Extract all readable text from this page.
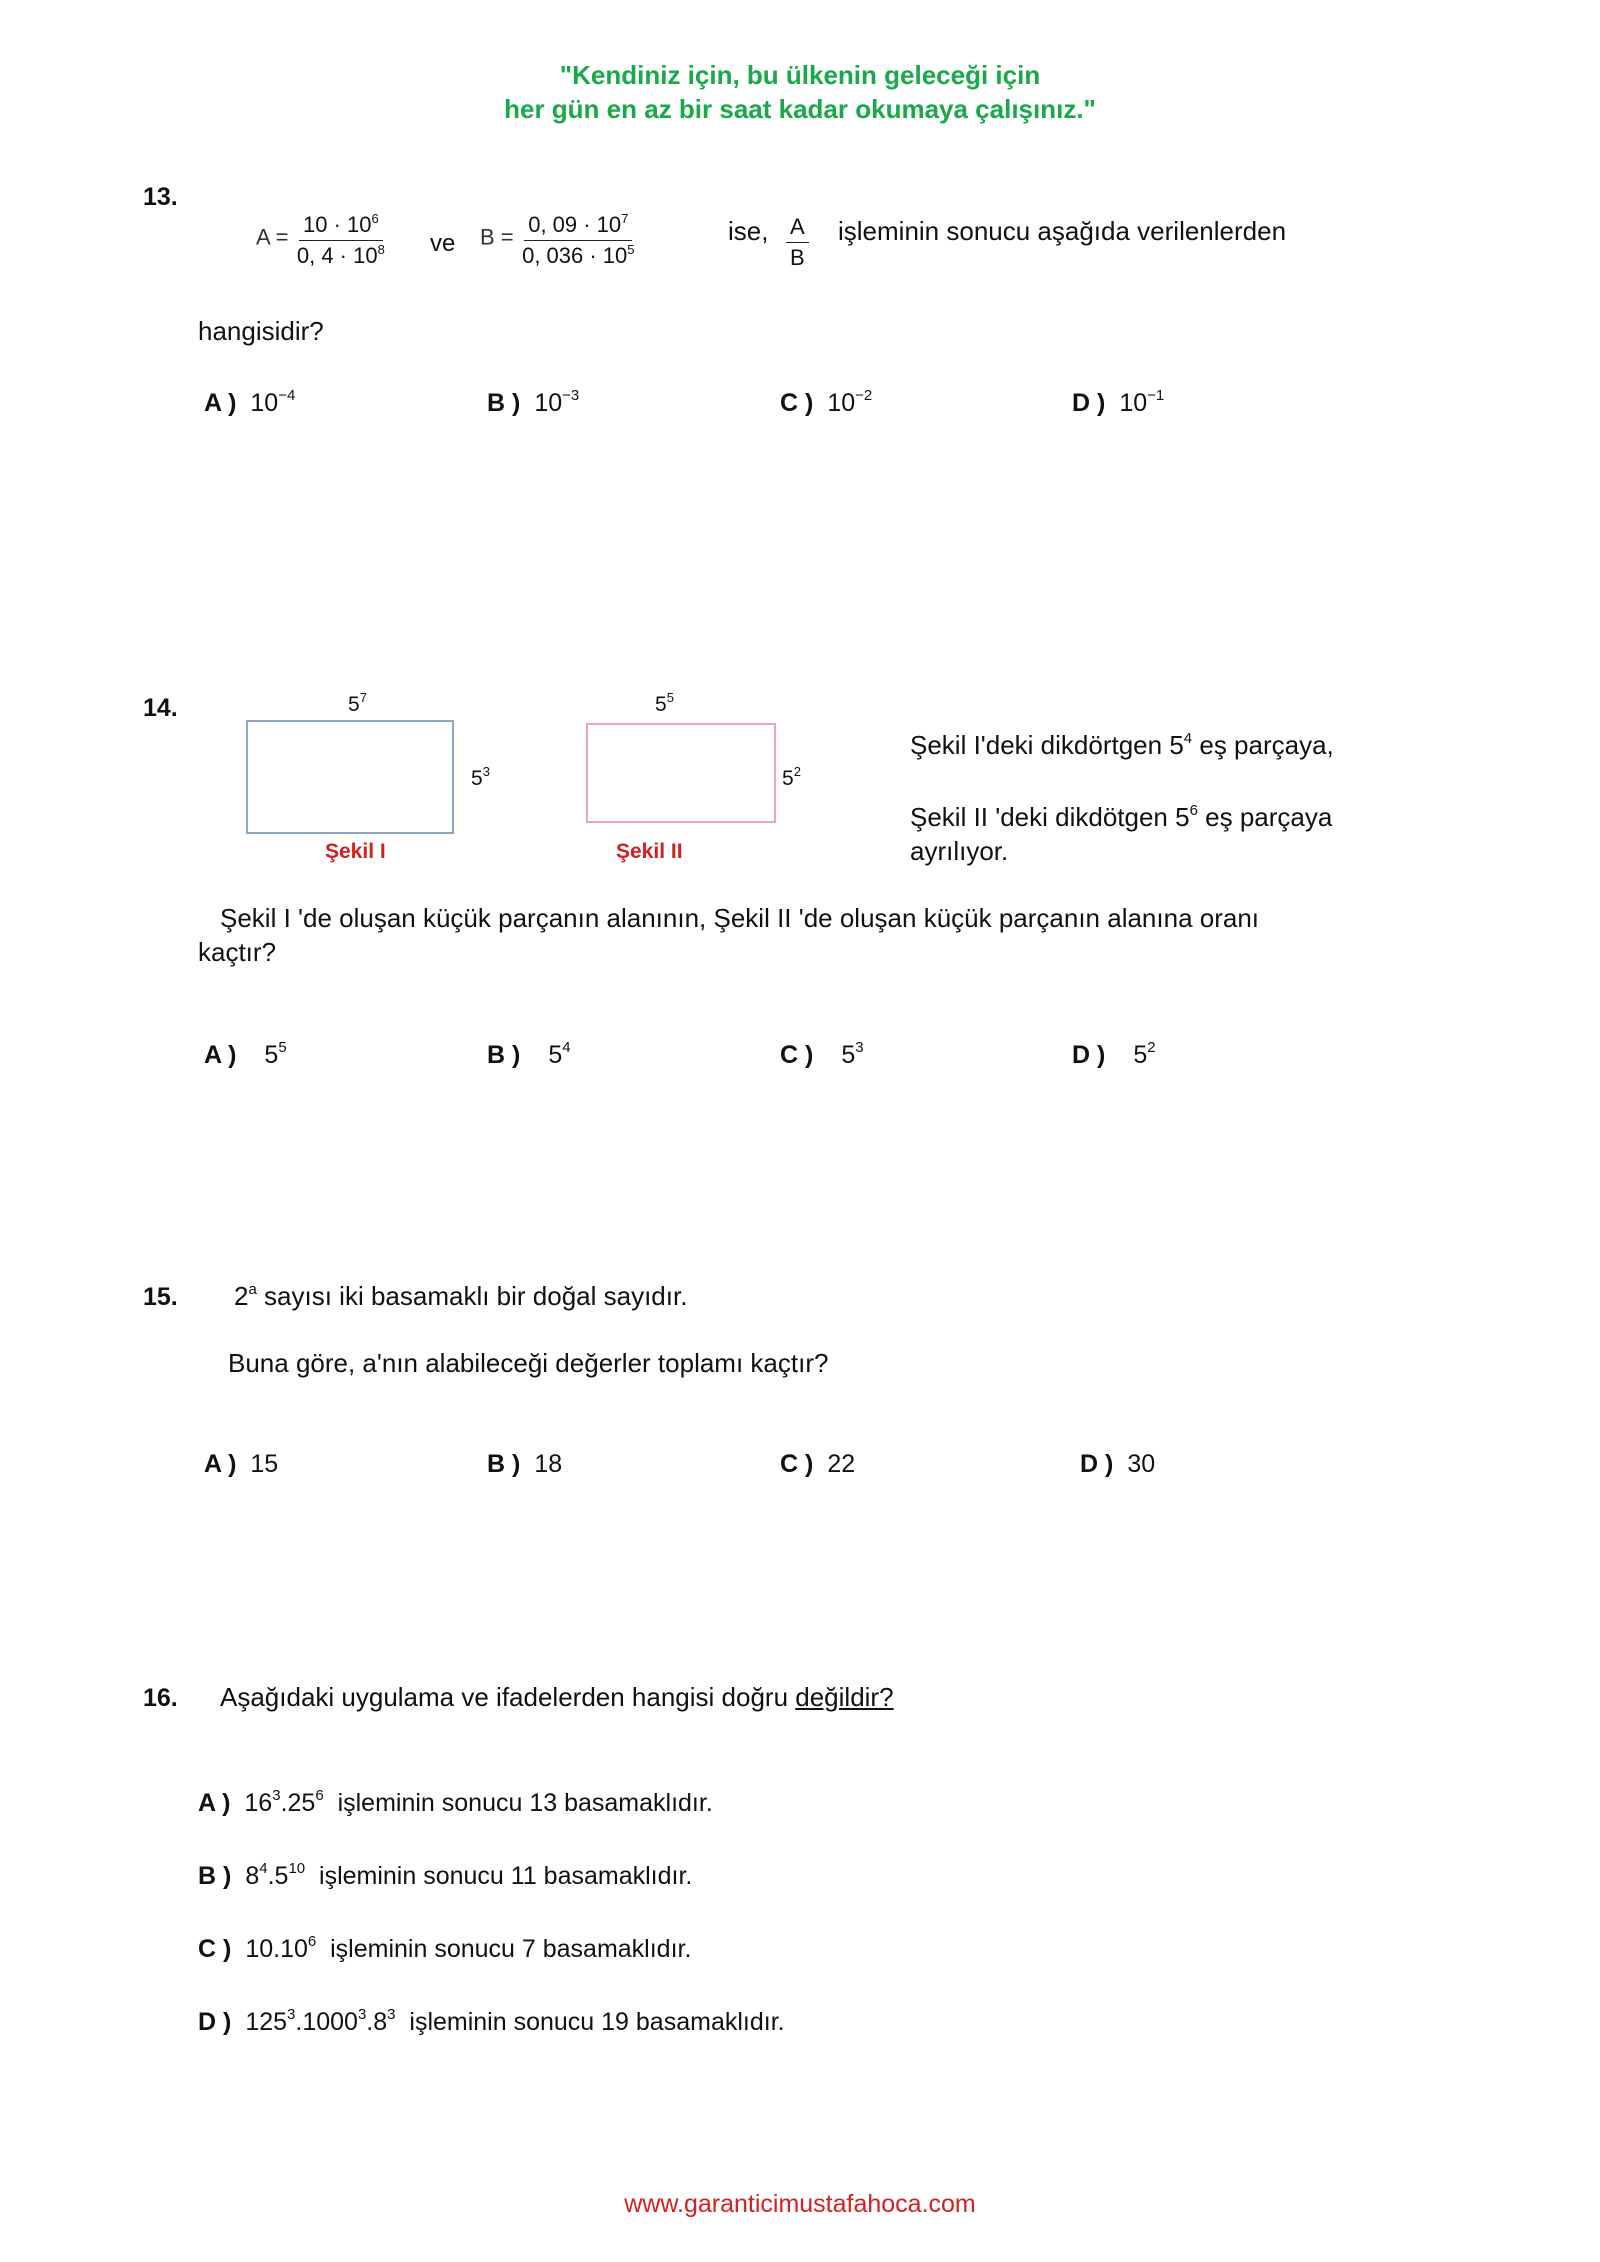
"Kendiniz için, bu ülkenin geleceği için
her gün en az bir saat kadar okumaya çalışınız."
13.
$A = \frac{10 \cdot 10^6}{0, 4 \cdot 10^8}$ ve $B = \frac{0, 09 \cdot 10^7}{0, 036 \cdot 10^5}$	ise, $\frac{A}{B}$ işleminin sonucu aşağıda verilenlerden
hangisidir?
A ) $10^{-4}$	B ) $10^{-3}$	C ) $10^{-2}$	D ) $10^{-1}$
14.	$5^7$
$5^3$
Şekil I
$5^5$
$5^2$
Şekil II
Şekil I'deki dikdörtgen $5^4$ eş parçaya,
Şekil II 'deki dikdötgen $5^6$ eş parçaya
ayrılıyor.
Şekil I 'de oluşan küçük parçanın alanının, Şekil II 'de oluşan küçük parçanın alanına oranı
kaçtır?
A ) $5^5$	B ) $5^4$	C ) $5^3$	D ) $5^2$
15. 2$^a$ sayısı iki basamaklı bir doğal sayıdır.
Buna göre, a'nın alabileceği değerler toplamı kaçtır?
A ) 15	B ) 18	C ) 22	D ) 30
16. Aşağıdaki uygulama ve ifadelerden hangisi doğru değildir?
A ) $16^3.25^6$  işleminin sonucu 13 basamaklıdır.
B ) $8^4.5^{10}$  işleminin sonucu 11 basamaklıdır.
C ) 10.10$^6$  işleminin sonucu 7 basamaklıdır.
D ) $125^3.1000^3.8^3$  işleminin sonucu 19 basamaklıdır.
www.garanticimustafahoca.com
